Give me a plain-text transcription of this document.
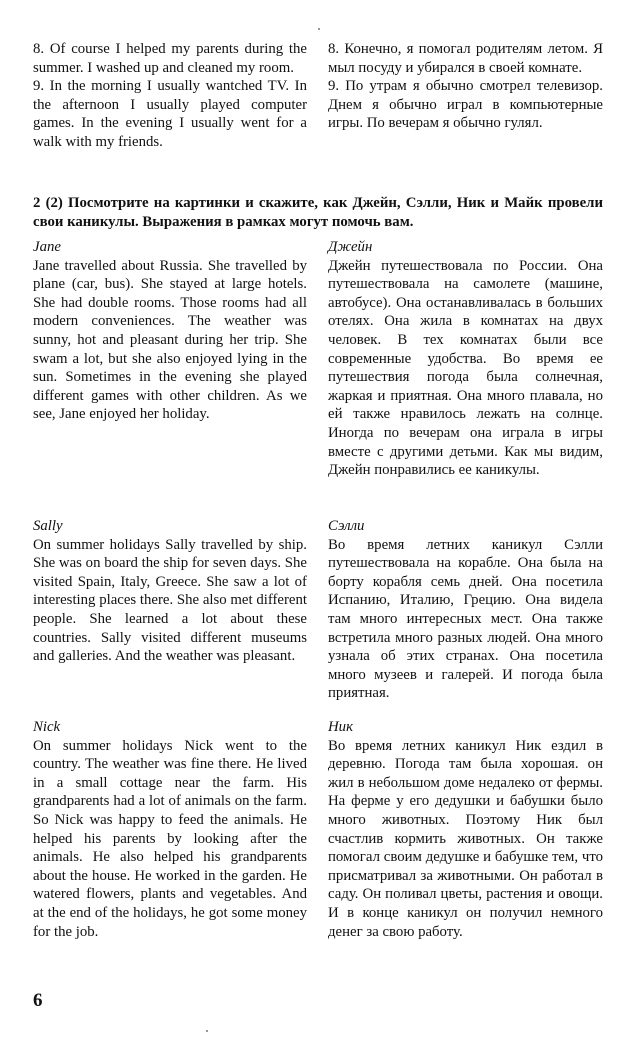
8. Of course I helped my parents during the summer. I washed up and cleaned my room.

9. In the morning I usually wantched TV. In the afternoon I usually played computer games. In the evening I usually went for a walk with my friends.

8. Конечно, я помогал родителям летом. Я мыл посуду и убирался в своей комнате.

9. По утрам я обычно смотрел телевизор. Днем я обычно играл в компьютерные игры. По вечерам я обычно гулял.

2 (2) Посмотрите на картинки и скажите, как Джейн, Сэлли, Ник и Майк провели свои каникулы. Выражения в рамках могут помочь вам.

Jane

Jane travelled about Russia. She travelled by plane (car, bus). She stayed at large hotels. She had double rooms. Those rooms had all modern conveniences. The weather was sunny, hot and pleasant during her trip. She swam a lot, but she also enjoyed lying in the sun. Sometimes in the evening she played different games with other children. As we see, Jane enjoyed her holiday.

Джейн

Джейн путешествовала по России. Она путешествовала на самолете (машине, автобусе). Она останавливалась в больших отелях. Она жила в комнатах на двух человек. В тех комнатах были все современные удобства. Во время ее путешествия погода была солнечная, жаркая и приятная. Она много плавала, но ей также нравилось лежать на солнце. Иногда по вечерам она играла в игры вместе с другими детьми. Как мы видим, Джейн понравились ее каникулы.

Sally

On summer holidays Sally travelled by ship. She was on board the ship for seven days. She visited Spain, Italy, Greece. She saw a lot of interesting places there. She also met different people. She learned a lot about these countries. Sally visited different museums and galleries. And the weather was pleasant.

Сэлли

Во время летних каникул Сэлли путешествовала на корабле. Она была на борту корабля семь дней. Она посетила Испанию, Италию, Грецию. Она видела там много интересных мест. Она также встретила много разных людей. Она много узнала об этих странах. Она посетила много музеев и галерей. И погода была приятная.

Nick

On summer holidays Nick went to the country. The weather was fine there. He lived in a small cottage near the farm. His grandparents had a lot of animals on the farm. So Nick was happy to feed the animals. He helped his parents by looking after the animals. He also helped his grandparents about the house. He worked in the garden. He watered flowers, plants and vegetables. And at the end of the holidays, he got some money for the job.

Ник

Во время летних каникул Ник ездил в деревню. Погода там была хорошая. он жил в небольшом доме недалеко от фермы. На ферме у его дедушки и бабушки было много животных. Поэтому Ник был счастлив кормить животных. Он также помогал своим дедушке и бабушке тем, что присматривал за животными. Он работал в саду. Он поливал цветы, растения и овощи. И в конце каникул он получил немного денег за свою работу.

6
